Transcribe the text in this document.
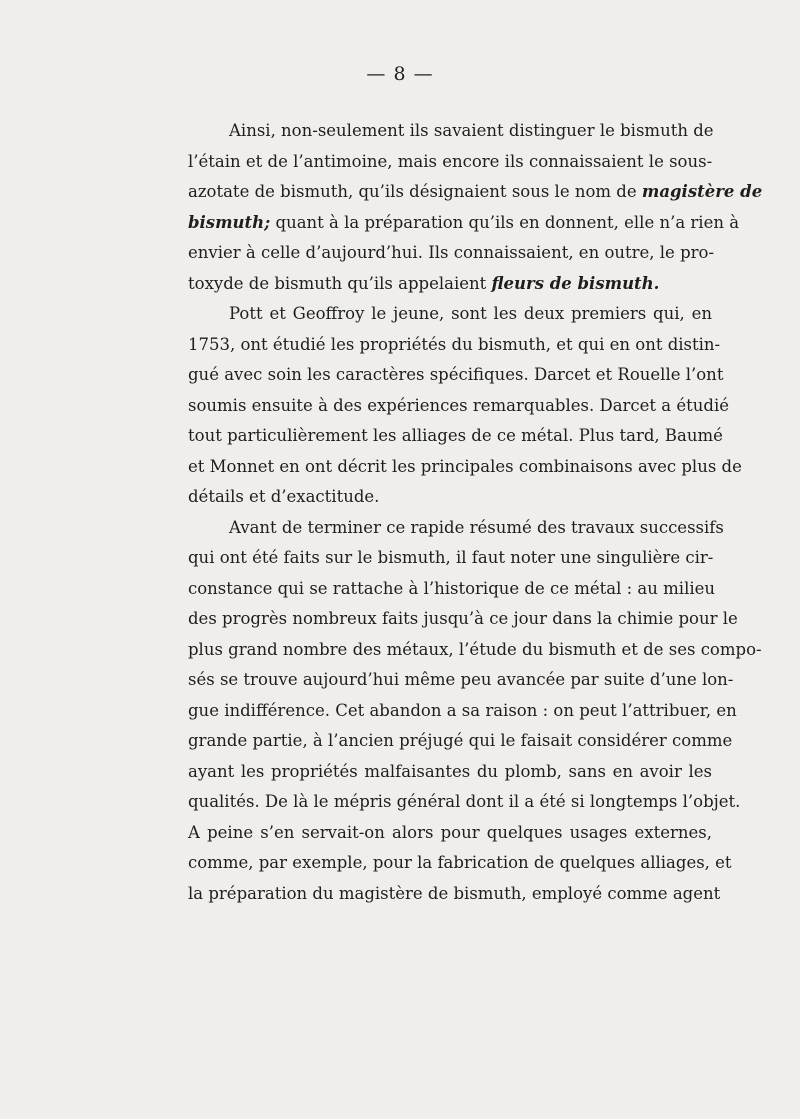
— 8 —
Ainsi, non-seulement ils savaient distinguer le bismuth de
l’étain et de l’antimoine, mais encore ils connaissaient le sous-
azotate de bismuth, qu’ils désignaient sous le nom de magistère de
bismuth; quant à la préparation qu’ils en donnent, elle n’a rien à
envier à celle d’aujourd’hui. Ils connaissaient, en outre, le pro-
toxyde de bismuth qu’ils appelaient fleurs de bismuth.
Pott et Geoffroy le jeune, sont les deux premiers qui, en
1753, ont étudié les propriétés du bismuth, et qui en ont distin-
gué avec soin les caractères spécifiques. Darcet et Rouelle l’ont
soumis ensuite à des expériences remarquables. Darcet a étudié
tout particulièrement les alliages de ce métal. Plus tard, Baumé
et Monnet en ont décrit les principales combinaisons avec plus de
détails et d’exactitude.
Avant de terminer ce rapide résumé des travaux successifs
qui ont été faits sur le bismuth, il faut noter une singulière cir-
constance qui se rattache à l’historique de ce métal : au milieu
des progrès nombreux faits jusqu’à ce jour dans la chimie pour le
plus grand nombre des métaux, l’étude du bismuth et de ses compo-
sés se trouve aujourd’hui même peu avancée par suite d’une lon-
gue indifférence. Cet abandon a sa raison : on peut l’attribuer, en
grande partie, à l’ancien préjugé qui le faisait considérer comme
ayant les propriétés malfaisantes du plomb, sans en avoir les
qualités. De là le mépris général dont il a été si longtemps l’objet.
A peine s’en servait-on alors pour quelques usages externes,
comme, par exemple, pour la fabrication de quelques alliages, et
la préparation du magistère de bismuth, employé comme agent
